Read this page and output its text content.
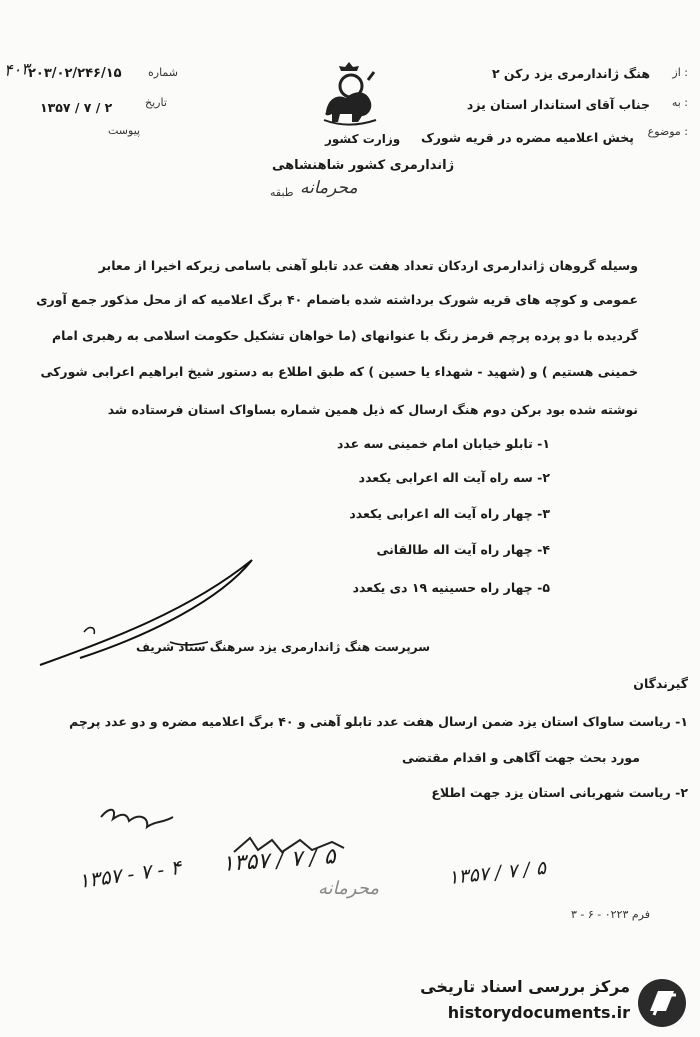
۴۰۳	شماره
۲۰۳/۰۲/۲۴۶/۱۵
تاریخ
۱۳۵۷ / ۷ / ۲
پیوست
وزارت کشور
ژاندارمری کشور شاهنشاهی
طبقه محرمانه
از :
هنگ ژاندارمری یزد رکن ۲
به :
جناب آقای استاندار استان یزد
موضوع :
پخش اعلامیه مضره در قریه شورک
وسیله گروهان ژاندارمری اردکان تعداد هفت عدد تابلو آهنی باسامی زیرکه اخیرا از معابر
عمومی و کوچه های قریه شورک برداشته شده باضمام ۴۰ برگ اعلامیه که از محل مذکور جمع آوری
گردیده با دو پرده پرچم قرمز رنگ با عنوانهای (ما خواهان تشکیل حکومت اسلامی به رهبری امام
خمینی هستیم ) و (شهید - شهداء یا حسین ) که طبق اطلاع به دستور شیخ ابراهیم اعرابی شورکی
نوشته شده بود برکن دوم هنگ ارسال که ذیل همین شماره بساواک استان فرستاده شد
۱- تابلو خیابان امام خمینی سه عدد
۲- سه راه آیت اله اعرابی یکعدد
۳- چهار راه آیت اله اعرابی یکعدد
۴- چهار راه آیت اله طالقانی
۵- چهار راه حسینیه ۱۹ دی یکعدد
سرپرست هنگ ژاندارمری یزد سرهنگ ستاد شریف
گیرندگان
۱- ریاست ساواک استان یزد ضمن ارسال هفت عدد تابلو آهنی و ۴۰ برگ اعلامیه مضره و دو عدد پرچم
مورد بحث جهت آگاهی و اقدام مقتضی
۲- ریاست شهربانی استان یزد جهت اطلاع
۱۳۵۷ - ۷ - ۴ ۱۳۵۷ / ۷ / ۵	۱۳۵۷ / ۷ / ۵
محرمانه
فرم ۰۲۲۳ - ۶ - ۳
مرکز بررسی اسناد تاریخی
historydocuments.ir
